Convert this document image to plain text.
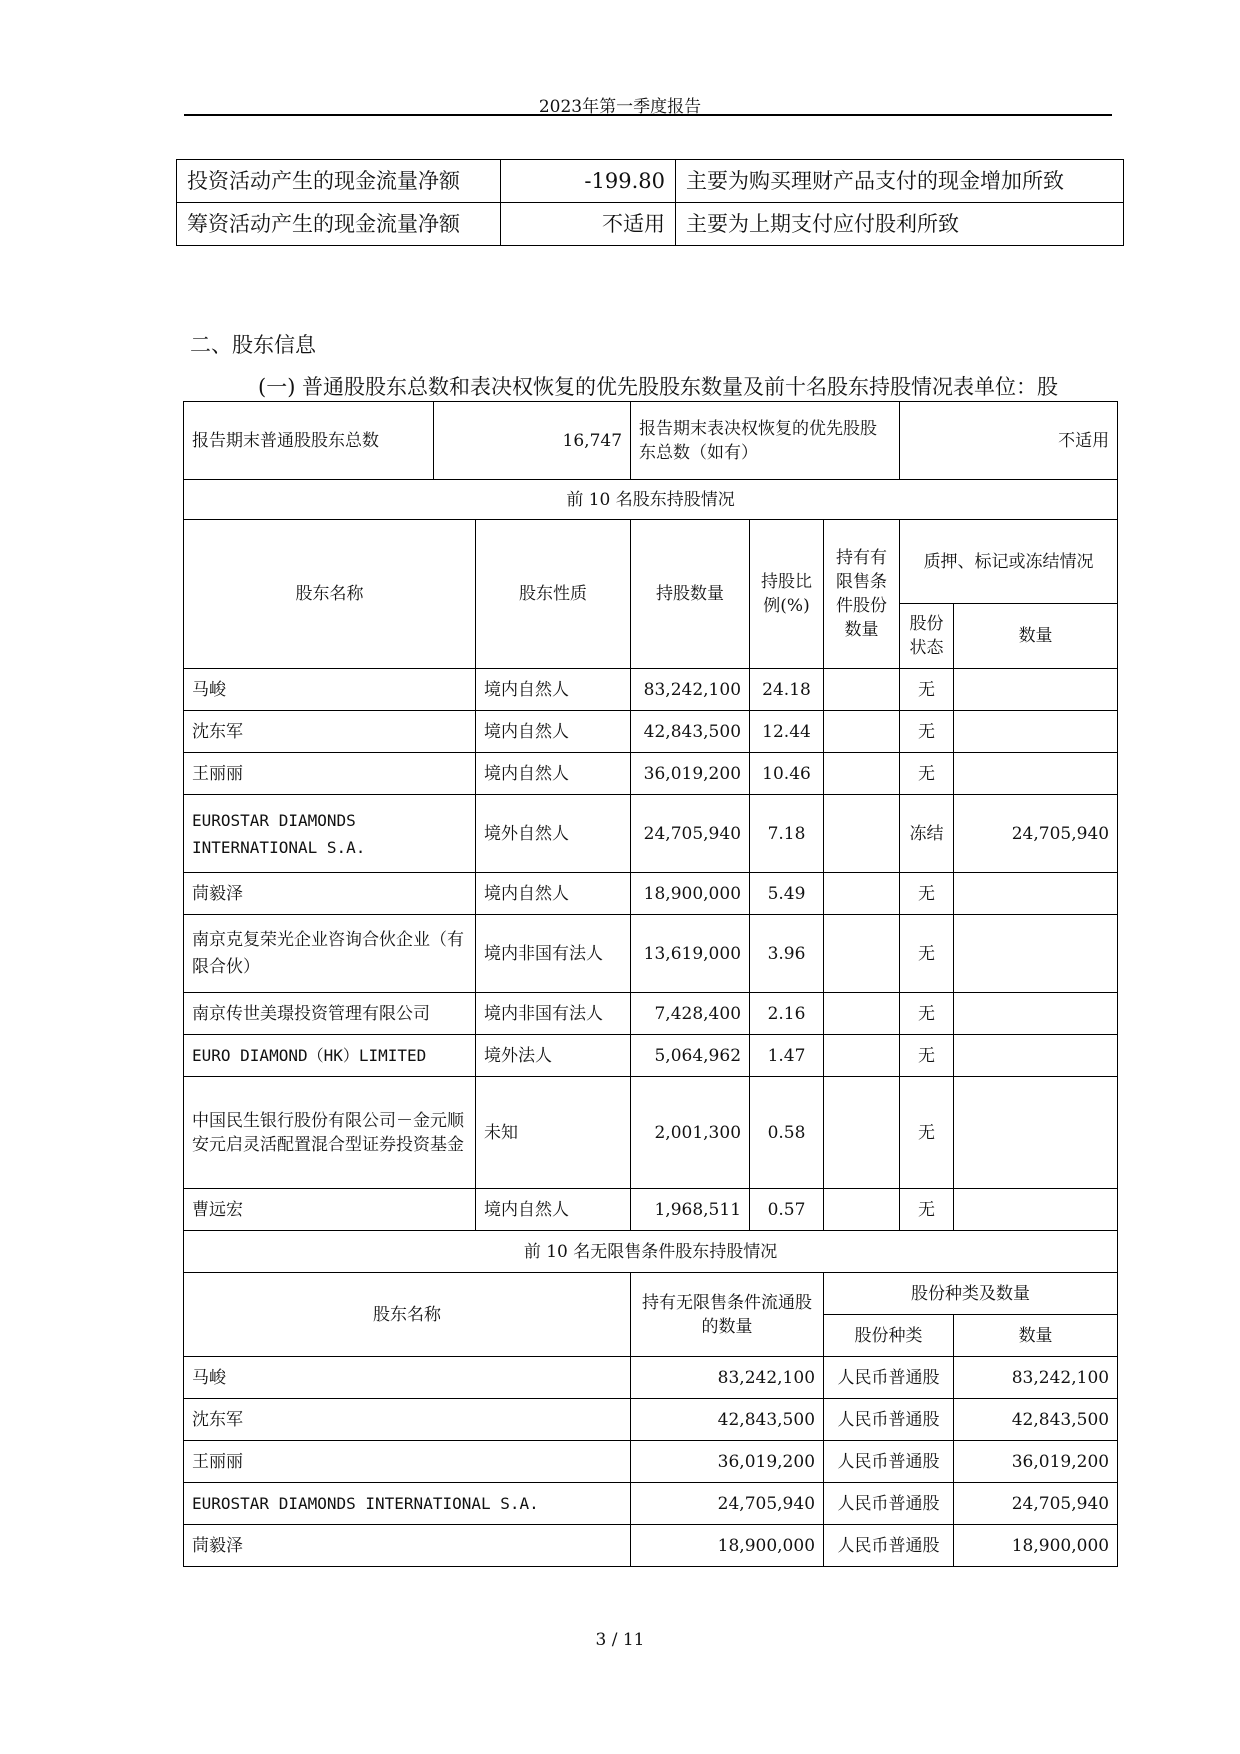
2023年第一季度报告
投资活动产生的现金流量净额	-199.80	主要为购买理财产品支付的现金增加所致
筹资活动产生的现金流量净额	不适用	主要为上期支付应付股利所致
二、股东信息
(一) 普通股股东总数和表决权恢复的优先股股东数量及前十名股东持股情况表单位：股
报告期末普通股股东总数	16,747		报告期末表决权恢复的优先股股东总数（如有）			不适用	
前 10 名股东持股情况							
股东名称		股东性质	持股数量	持股比例(%)	持有有限售条件股份数量	质押、标记或冻结情况	
						股份状态	数量
马峻		境内自然人	83,242,100	24.18		无	
沈东军		境内自然人	42,843,500	12.44		无	
王丽丽		境内自然人	36,019,200	10.46		无	
EUROSTAR DIAMONDS INTERNATIONAL S.A.		境外自然人	24,705,940	7.18		冻结	24,705,940
茼毅泽		境内自然人	18,900,000	5.49		无	
南京克复荣光企业咨询合伙企业（有限合伙）		境内非国有法人	13,619,000	3.96		无	
南京传世美璟投资管理有限公司		境内非国有法人	7,428,400	2.16		无	
EURO DIAMOND（HK）LIMITED		境外法人	5,064,962	1.47		无	
中国民生银行股份有限公司－金元顺安元启灵活配置混合型证券投资基金		未知	2,001,300	0.58		无	
曹远宏		境内自然人	1,968,511	0.57		无	
前 10 名无限售条件股东持股情况							
股东名称			持有无限售条件流通股的数量		股份种类及数量		
					股份种类		数量
马峻			83,242,100		人民币普通股		83,242,100
沈东军			42,843,500		人民币普通股		42,843,500
王丽丽			36,019,200		人民币普通股		36,019,200
EUROSTAR DIAMONDS INTERNATIONAL S.A.			24,705,940		人民币普通股		24,705,940
茼毅泽			18,900,000		人民币普通股		18,900,000
3 / 11
